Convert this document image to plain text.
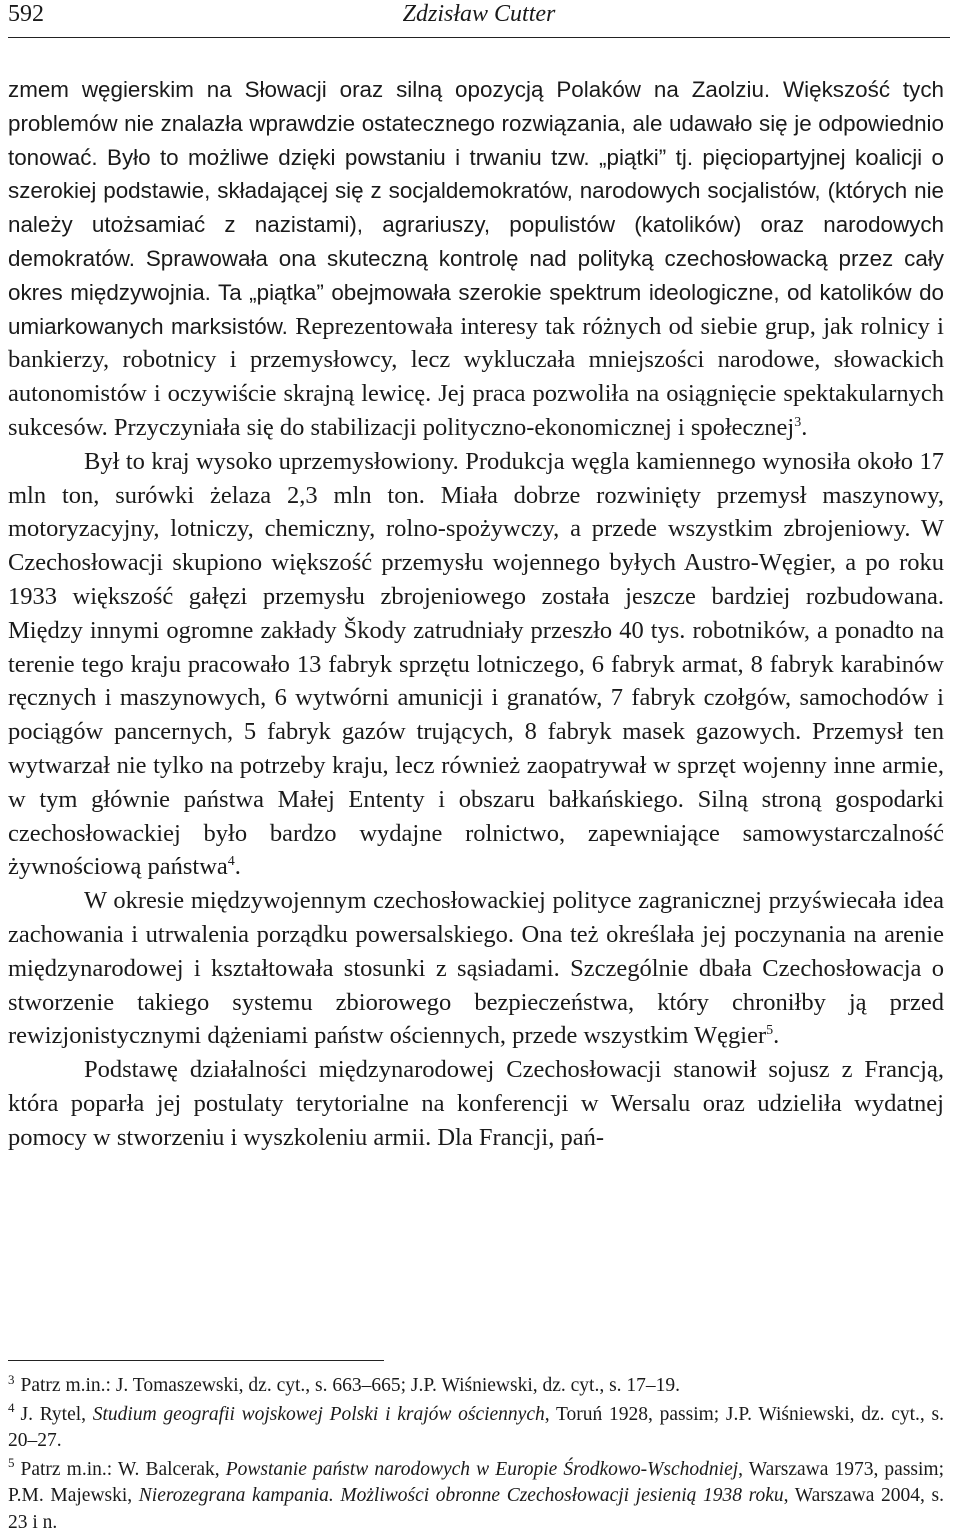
592	Zdzisław Cutter

zmem węgierskim na Słowacji oraz silną opozycją Polaków na Zaolziu. Większość tych problemów nie znalazła wprawdzie ostatecznego rozwiązania, ale udawało się je odpowiednio tonować. Było to możliwe dzięki powstaniu i trwaniu tzw. „piątki” tj. pięciopartyjnej koalicji o szerokiej podstawie, składającej się z socjaldemokratów, narodowych socjalistów, (których nie należy utożsamiać z nazistami), agrariuszy, populistów (katolików) oraz narodowych demokratów. Sprawowała ona skuteczną kontrolę nad polityką czechosłowacką przez cały okres międzywojnia. Ta „piątka” obejmowała szerokie spektrum ideologiczne, od katolików do umiarkowanych marksistów. Reprezentowała interesy tak różnych od siebie grup, jak rolnicy i bankierzy, robotnicy i przemysłowcy, lecz wykluczała mniejszości narodowe, słowackich autonomistów i oczywiście skrajną lewicę. Jej praca pozwoliła na osiągnięcie spektakularnych sukcesów. Przyczyniała się do stabilizacji polityczno-ekonomicznej i społecznej$^3$.

Był to kraj wysoko uprzemysłowiony. Produkcja węgla kamiennego wynosiła około 17 mln ton, surówki żelaza 2,3 mln ton. Miała dobrze rozwinięty przemysł maszynowy, motoryzacyjny, lotniczy, chemiczny, rolno-spożywczy, a przede wszystkim zbrojeniowy. W Czechosłowacji skupiono większość przemysłu wojennego byłych Austro-Węgier, a po roku 1933 większość gałęzi przemysłu zbrojeniowego została jeszcze bardziej rozbudowana. Między innymi ogromne zakłady Škody zatrudniały przeszło 40 tys. robotników, a ponadto na terenie tego kraju pracowało 13 fabryk sprzętu lotniczego, 6 fabryk armat, 8 fabryk karabinów ręcznych i maszynowych, 6 wytwórni amunicji i granatów, 7 fabryk czołgów, samochodów i pociągów pancernych, 5 fabryk gazów trujących, 8 fabryk masek gazowych. Przemysł ten wytwarzał nie tylko na potrzeby kraju, lecz również zaopatrywał w sprzęt wojenny inne armie, w tym głównie państwa Małej Ententy i obszaru bałkańskiego. Silną stroną gospodarki czechosłowackiej było bardzo wydajne rolnictwo, zapewniające samowystarczalność żywnościową państwa$^4$.

W okresie międzywojennym czechosłowackiej polityce zagranicznej przyświecała idea zachowania i utrwalenia porządku powersalskiego. Ona też określała jej poczynania na arenie międzynarodowej i kształtowała stosunki z sąsiadami. Szczególnie dbała Czechosłowacja o stworzenie takiego systemu zbiorowego bezpieczeństwa, który chroniłby ją przed rewizjonistycznymi dążeniami państw ościennych, przede wszystkim Węgier$^5$.

Podstawę działalności międzynarodowej Czechosłowacji stanowił sojusz z Francją, która poparła jej postulaty terytorialne na konferencji w Wersalu oraz udzieliła wydatnej pomocy w stworzeniu i wyszkoleniu armii. Dla Francji, pań-

$^3$ Patrz m.in.: J. Tomaszewski, dz. cyt., s. 663–665; J.P. Wiśniewski, dz. cyt., s. 17–19.

$^4$ J. Rytel, Studium geografii wojskowej Polski i krajów ościennych, Toruń 1928, passim; J.P. Wiśniewski, dz. cyt., s. 20–27.

$^5$ Patrz m.in.: W. Balcerak, Powstanie państw narodowych w Europie Środkowo-Wschodniej, Warszawa 1973, passim; P.M. Majewski, Nierozegrana kampania. Możliwości obronne Czechosłowacji jesienią 1938 roku, Warszawa 2004, s. 23 i n.
